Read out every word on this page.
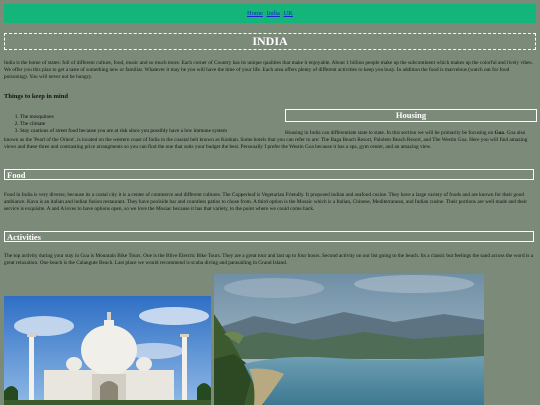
Home India UK
INDIA
India is the home of states: full of different culture, food, music and so much more. Each corner of Country has its unique qualities that make it enjoyable. About 1 billion people make up the subcontinent which makes up the colorful and lively vibes. We offer you this plan to get a taste of something new or familiar. Whatever it may be you will have the time of your life. Each area offers plenty of different activities to keep you busy. In addition the food is marvelous (watch out for food poisoning). You will never not be hungry.
Things to keep in mind
1. The mosquitoes
2. The climate
3. Stay cautious of street food because you are at risk since you possibly have a low immune system
Housing
Housing in India can differentiate state to state. In this section we will be primarily be focusing on Goa. Goa also known as the 'Pearl of the Orient', is located on the western coast of India in the coastal belt known as Konkan. Some hotels that you can refer to are: The Baga Beach Resort, Palolem Beach Resort, and The Westin Goa. Here you will find amazing views and these three and contrasting price arrangments so you can find the one that suits your budget the best. Personally I prefer the Westin Goa because it has a spa, gym center, and an amazing view.
Food
Food in India is very diverse, because its a costal city it is a center of commerce and different cultures. The Copperleaf is Vegetarian Friendly. It proposed indian and seafood cusine. They have a large variety of foods and are known for their good ambiance. Kava is an italian and indian fusion restaurant. They have poolside bar and countless patios to chose from. A third option is the Mosaic which is a Italian, Chinese, Mediterranean, and Indian cusine. Their portions are well made and their service is exquisite. A and A loves to have options open, so we love the Mosiac because it has that variety, to the point where we could come back.
Activities
The top activity during your stay in Goa is Mountain Bike Tours. One is the Blive Electric Bike Tours. They are a great tour and last up to four hours. Second activity on our list going to the beach. Its a classic but feelings the sand across the word is a great relaxation. One beach is the Calangute Beach. Last place we would recommend is scuba diving and parasailing in Grand Island.
